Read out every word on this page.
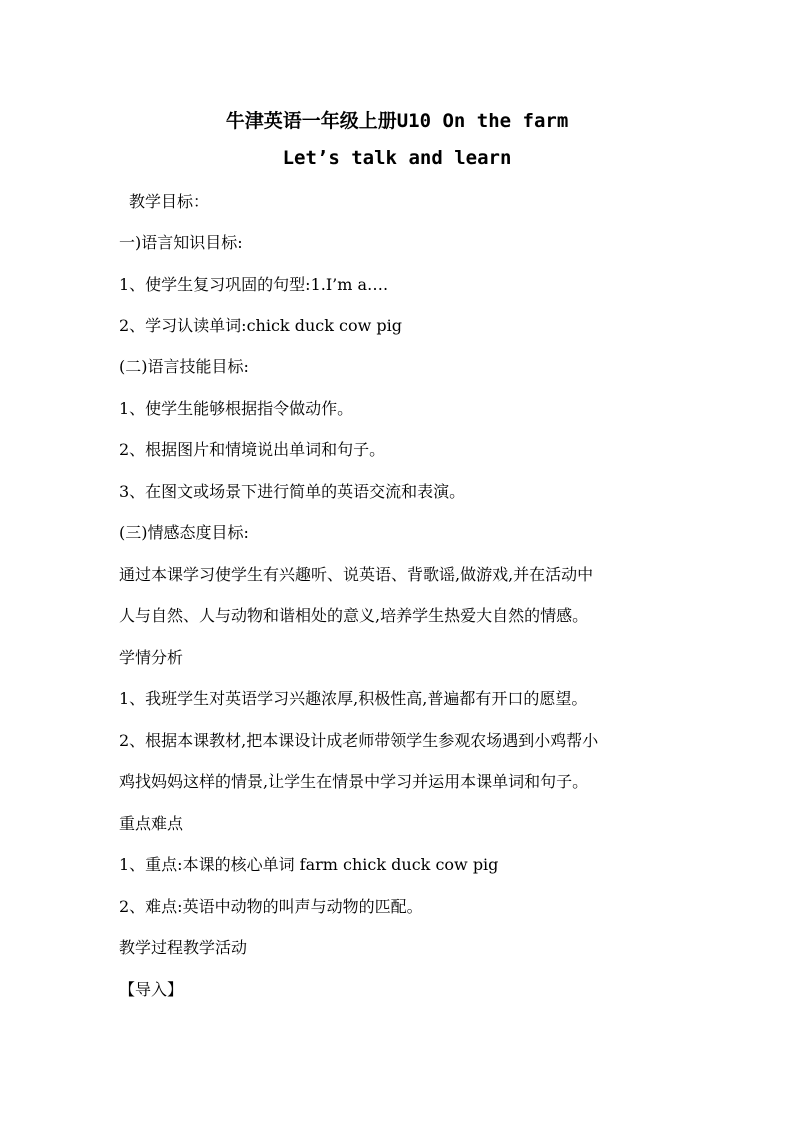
牛津英语一年级上册U10 On the farm
Let’s talk and learn
教学目标：
一)语言知识目标:
1、使学生复习巩固的句型:1.I’m a….
2、学习认读单词:chick duck cow pig
(二)语言技能目标:
1、使学生能够根据指令做动作。
2、根据图片和情境说出单词和句子。
3、在图文或场景下进行简单的英语交流和表演。
(三)情感态度目标:
通过本课学习使学生有兴趣听、说英语、背歌谣,做游戏,并在活动中
人与自然、人与动物和谐相处的意义,培养学生热爱大自然的情感。
学情分析
1、我班学生对英语学习兴趣浓厚,积极性高,普遍都有开口的愿望。
2、根据本课教材,把本课设计成老师带领学生参观农场遇到小鸡帮小
鸡找妈妈这样的情景,让学生在情景中学习并运用本课单词和句子。
重点难点
1、重点:本课的核心单词 farm chick duck cow pig
2、难点:英语中动物的叫声与动物的匹配。
教学过程教学活动
【导入】
